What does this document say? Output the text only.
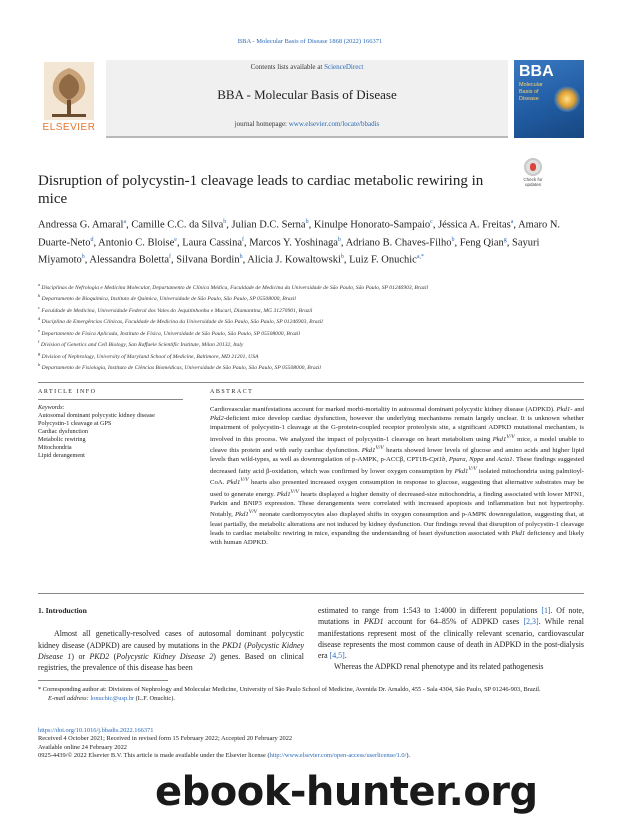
BBA - Molecular Basis of Disease 1868 (2022) 166371
ELSEVIER
Contents lists available at ScienceDirect
BBA - Molecular Basis of Disease
journal homepage: www.elsevier.com/locate/bbadis
BBA
Molecular
Basis of
Disease
Check for
updates
Disruption of polycystin-1 cleavage leads to cardiac metabolic rewiring in mice
Andressa G. Amaral$^a$, Camille C.C. da Silva$^b$, Julian D.C. Serna$^b$, Kinulpe Honorato-Sampaio$^c$, Jéssica A. Freitas$^a$, Amaro N. Duarte-Neto$^d$, Antonio C. Bloise$^e$, Laura Cassina$^f$, Marcos Y. Yoshinaga$^b$, Adriano B. Chaves-Filho$^b$, Feng Qian$^g$, Sayuri Miyamoto$^b$, Alessandra Boletta$^f$, Silvana Bordin$^h$, Alicia J. Kowaltowski$^b$, Luiz F. Onuchic$^{a,*}$
$^a$ Disciplinas de Nefrologia e Medicina Molecular, Departamento de Clínica Médica, Faculdade de Medicina da Universidade de São Paulo, São Paulo, SP 01246903, Brazil
$^b$ Departamento de Bioquímica, Instituto de Química, Universidade de São Paulo, São Paulo, SP 05508000, Brazil
$^c$ Faculdade de Medicina, Universidade Federal dos Vales do Jequitinhonha e Mucuri, Diamantina, MG 31270901, Brazil
$^d$ Disciplina de Emergências Clínicas, Faculdade de Medicina da Universidade de São Paulo, São Paulo, SP 01246903, Brazil
$^e$ Departamento de Física Aplicada, Instituto de Física, Universidade de São Paulo, São Paulo, SP 05508000, Brazil
$^f$ Division of Genetics and Cell Biology, San Raffaele Scientific Institute, Milan 20132, Italy
$^g$ Division of Nephrology, University of Maryland School of Medicine, Baltimore, MD 21201, USA
$^h$ Departamento de Fisiologia, Instituto de Ciências Biomédicas, Universidade de São Paulo, São Paulo, SP 05508000, Brazil
ARTICLE INFO	ABSTRACT
Keywords:
Autosomal dominant polycystic kidney disease
Polycystin-1 cleavage at GPS
Cardiac dysfunction
Metabolic rewiring
Mitochondria
Lipid derangement
Cardiovascular manifestations account for marked morbi-mortality in autosomal dominant polycystic kidney disease (ADPKD). Pkd1- and Pkd2-deficient mice develop cardiac dysfunction, however the underlying mechanisms remain largely unclear. It is unknown whether impairment of polycystin-1 cleavage at the G-protein-coupled receptor proteolysis site, a significant ADPKD mutational mechanism, is involved in this process. We analyzed the impact of polycystin-1 cleavage on heart metabolism using $Pkd1^{V/V}$ mice, a model unable to cleave this protein and with early cardiac dysfunction. $Pkd1^{V/V}$ hearts showed lower levels of glucose and amino acids and higher lipid levels than wild-types, as well as downregulation of p-AMPK, p-ACCβ, CPT1B-Cpt1b, Ppara, Nppa and Acta1. These findings suggested decreased fatty acid β-oxidation, which was confirmed by lower oxygen consumption by $Pkd1^{V/V}$ isolated mitochondria using palmitoyl-CoA. $Pkd1^{V/V}$ hearts also presented increased oxygen consumption in response to glucose, suggesting that alternative substrates may be used to generate energy. $Pkd1^{V/V}$ hearts displayed a higher density of decreased-size mitochondria, a finding associated with lower MFN1, Parkin and BNIP3 expression. These derangements were correlated with increased apoptosis and inflammation but not hypertrophy. Notably, $Pkd1^{V/V}$ neonate cardiomyocytes also displayed shifts in oxygen consumption and p-AMPK downregulation, suggesting that, at least partially, the metabolic alterations are not induced by kidney dysfunction. Our findings reveal that disruption of polycystin-1 cleavage leads to cardiac metabolic rewiring in mice, expanding the understanding of heart dysfunction associated with Pkd1 deficiency and likely with human ADPKD.
1. Introduction

Almost all genetically-resolved cases of autosomal dominant polycystic kidney disease (ADPKD) are caused by mutations in the PKD1 (Polycystic Kidney Disease 1) or PKD2 (Polycystic Kidney Disease 2) genes. Based on clinical registries, the prevalence of this disease has been

estimated to range from 1:543 to 1:4000 in different populations [1]. Of note, mutations in PKD1 account for 64–85% of ADPKD cases [2,3]. While renal manifestations represent most of the clinically relevant scenario, cardiovascular disease represents the most common cause of death in ADPKD in the post-dialysis era [4,5].

Whereas the ADPKD renal phenotype and its related pathogenesis

* Corresponding author at: Divisions of Nephrology and Molecular Medicine, University of São Paulo School of Medicine, Avenida Dr. Arnaldo, 455 - Sala 4304, São Paulo, SP 01246-903, Brazil.
E-mail address: lonuchic@usp.br (L.F. Onuchic).
https://doi.org/10.1016/j.bbadis.2022.166371
Received 4 October 2021; Received in revised form 15 February 2022; Accepted 20 February 2022
Available online 24 February 2022
0925-4439/© 2022 Elsevier B.V. This article is made available under the Elsevier license (http://www.elsevier.com/open-access/userlicense/1.0/).
ebook-hunter.org
